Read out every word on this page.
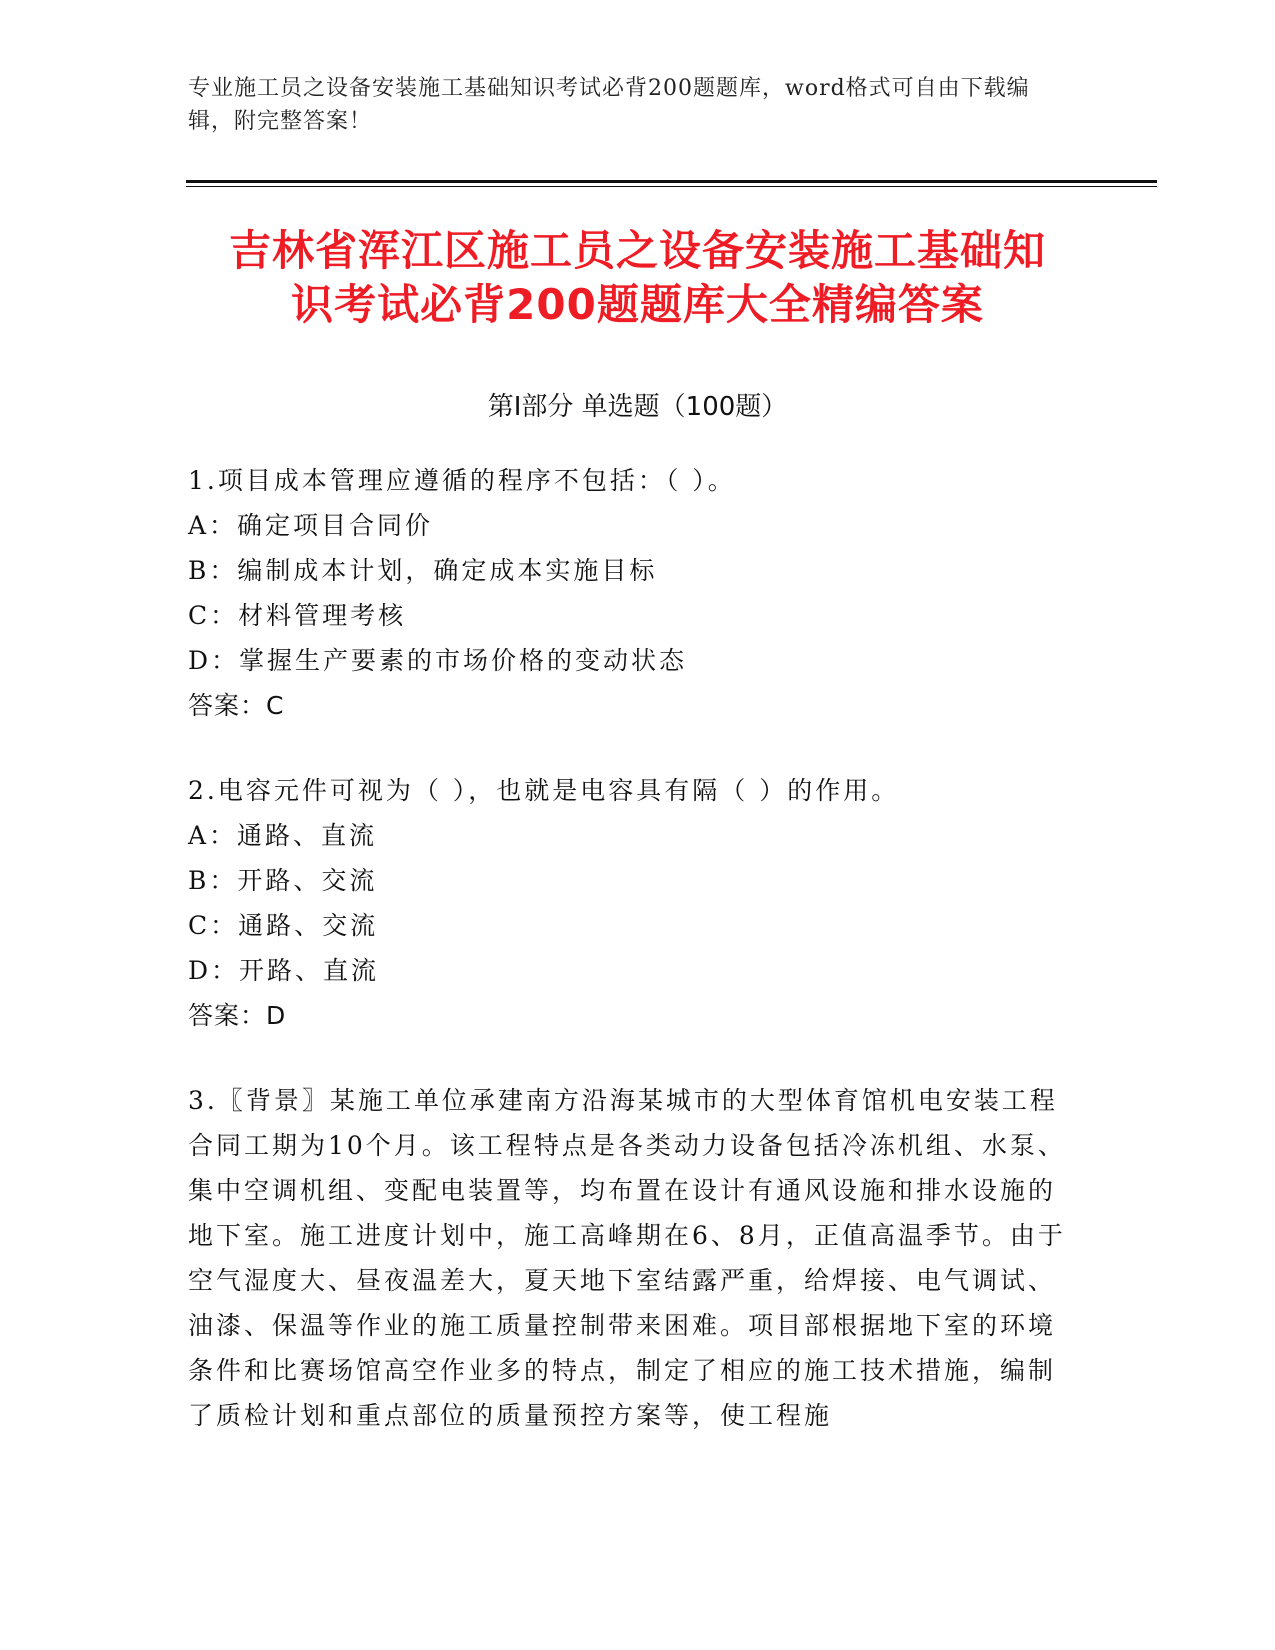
专业施工员之设备安装施工基础知识考试必背200题题库，word格式可自由下载编辑，附完整答案！
吉林省浑江区施工员之设备安装施工基础知
识考试必背200题题库大全精编答案
第Ⅰ部分 单选题（100题）
1.项目成本管理应遵循的程序不包括：（ ）。
A：确定项目合同价
B：编制成本计划，确定成本实施目标
C：材料管理考核
D：掌握生产要素的市场价格的变动状态
答案：C
2.电容元件可视为（ ），也就是电容具有隔（ ）的作用。
A：通路、直流
B：开路、交流
C：通路、交流
D：开路、直流
答案：D
3.〖背景〗某施工单位承建南方沿海某城市的大型体育馆机电安装工程合同工期为10个月。该工程特点是各类动力设备包括冷冻机组、水泵、集中空调机组、变配电装置等，均布置在设计有通风设施和排水设施的地下室。施工进度计划中，施工高峰期在6、8月，正值高温季节。由于空气湿度大、昼夜温差大，夏天地下室结露严重，给焊接、电气调试、油漆、保温等作业的施工质量控制带来困难。项目部根据地下室的环境条件和比赛场馆高空作业多的特点，制定了相应的施工技术措施，编制了质检计划和重点部位的质量预控方案等，使工程施
